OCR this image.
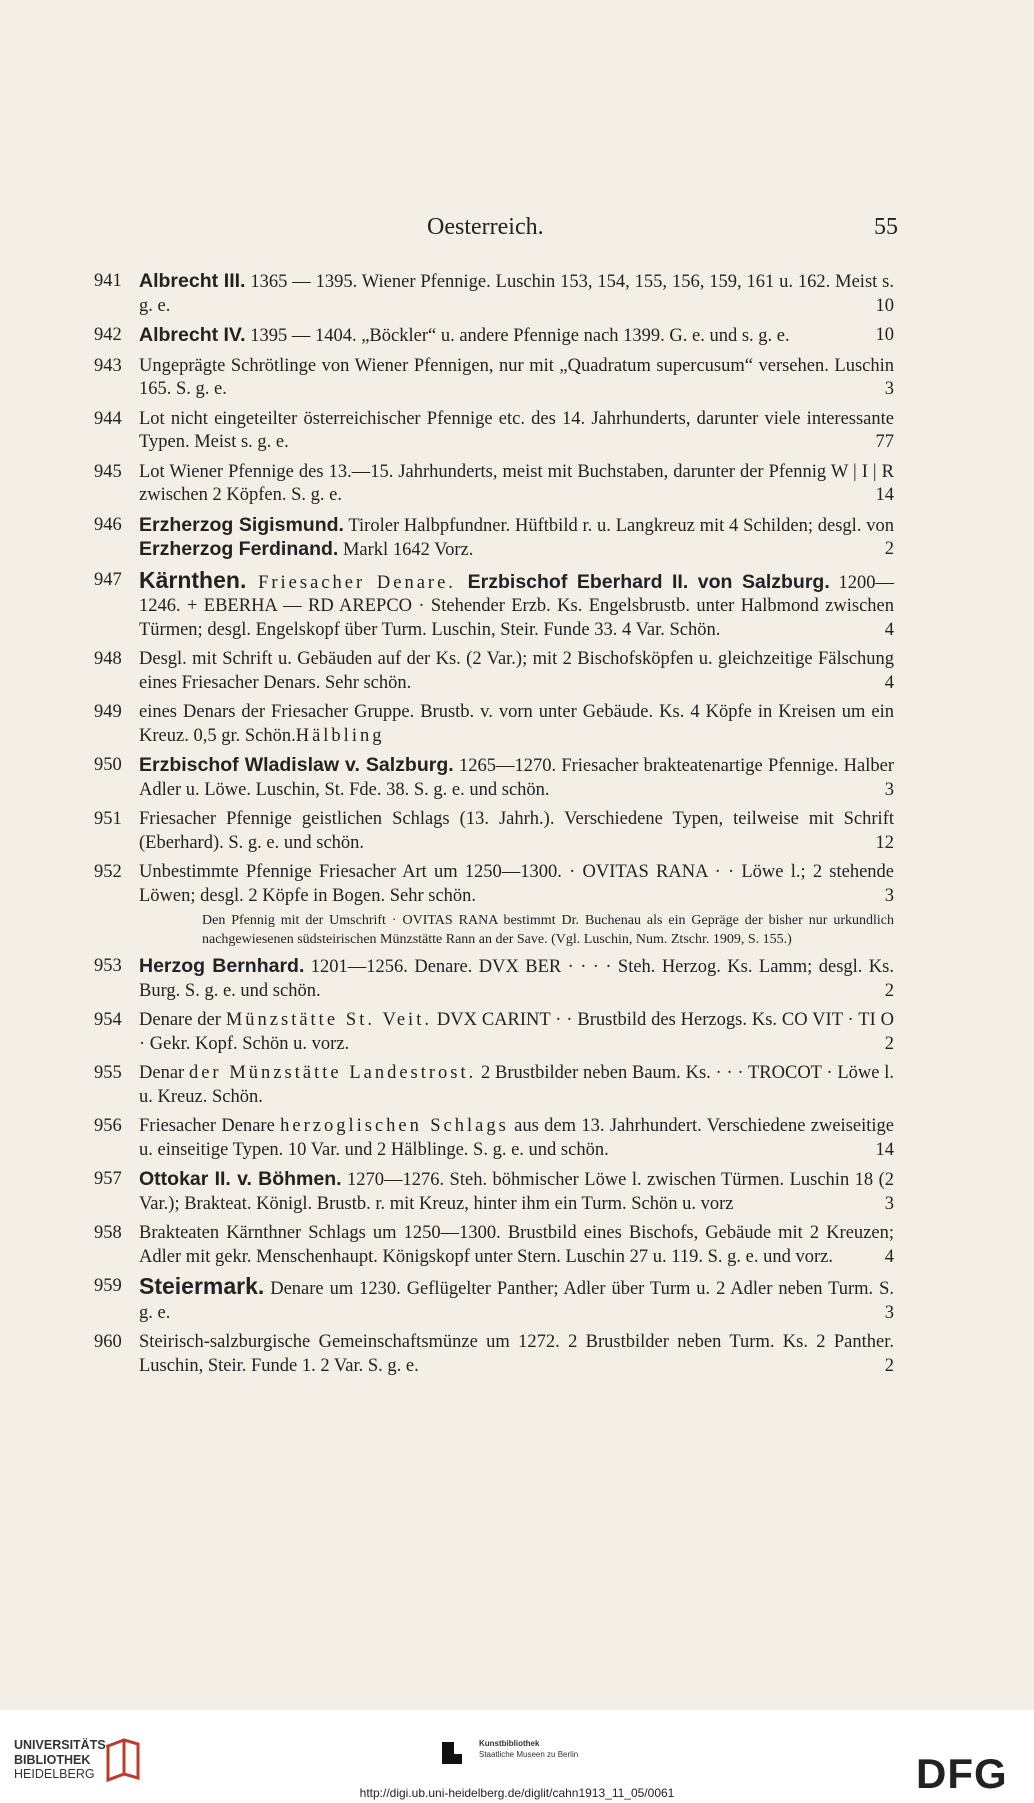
Oesterreich.	55
941 Albrecht III. 1365 — 1395. Wiener Pfennige. Luschin 153, 154, 155, 156, 159, 161 u. 162. Meist s. g. e.	10
942 Albrecht IV. 1395 — 1404. „Böckler“ u. andere Pfennige nach 1399. G. e. und s. g. e.	10
943 Ungeprägte Schrötlinge von Wiener Pfennigen, nur mit „Quadratum supercusum“ versehen. Luschin 165. S. g. e.	3
944 Lot nicht eingeteilter österreichischer Pfennige etc. des 14. Jahrhunderts, darunter viele interessante Typen. Meist s. g. e.	77
945 Lot Wiener Pfennige des 13.—15. Jahrhunderts, meist mit Buchstaben, darunter der Pfennig W | I | R zwischen 2 Köpfen. S. g. e.	14
946 Erzherzog Sigismund. Tiroler Halbpfundner. Hüftbild r. u. Langkreuz mit 4 Schilden; desgl. von Erzherzog Ferdinand. Markl 1642 Vorz.	2
947 Kärnthen. Friesacher Denare. Erzbischof Eberhard II. von Salzburg. 1200—1246. + EBERHA — RD AREPCO · Stehender Erzb. Ks. Engelsbrustb. unter Halbmond zwischen Türmen; desgl. Engelskopf über Turm. Luschin, Steir. Funde 33. 4 Var. Schön.	4
948 Desgl. mit Schrift u. Gebäuden auf der Ks. (2 Var.); mit 2 Bischofsköpfen u. gleichzeitige Fälschung eines Friesacher Denars. Sehr schön.	4
949 eines Denars der Friesacher Gruppe. Brustb. v. vorn unter Gebäude. Ks. 4 Köpfe in Kreisen um ein Kreuz. 0,5 gr. Schön.Hälbling
950 Erzbischof Wladislaw v. Salzburg. 1265—1270. Friesacher brakteatenartige Pfennige. Halber Adler u. Löwe. Luschin, St. Fde. 38. S. g. e. und schön.	3
951 Friesacher Pfennige geistlichen Schlags (13. Jahrh.). Verschiedene Typen, teilweise mit Schrift (Eberhard). S. g. e. und schön.	12
952 Unbestimmte Pfennige Friesacher Art um 1250—1300. · OVITAS RANA · · Löwe l.; 2 stehende Löwen; desgl. 2 Köpfe in Bogen. Sehr schön.	3
Den Pfennig mit der Umschrift · OVITAS RANA bestimmt Dr. Buchenau als ein Gepräge der bisher nur urkundlich nachgewiesenen südsteirischen Münzstätte Rann an der Save. (Vgl. Luschin, Num. Ztschr. 1909, S. 155.)
953 Herzog Bernhard. 1201—1256. Denare. DVX BER · · · · Steh. Herzog. Ks. Lamm; desgl. Ks. Burg. S. g. e. und schön.	2
954 Denare der Münzstätte St. Veit. DVX CARINT · · Brustbild des Herzogs. Ks. CO VIT · TI O · Gekr. Kopf. Schön u. vorz.	2
955 Denar der Münzstätte Landestrost. 2 Brustbilder neben Baum. Ks. · · · TROCOT · Löwe l. u. Kreuz. Schön.
956 Friesacher Denare herzoglischen Schlags aus dem 13. Jahrhundert. Verschiedene zweiseitige u. einseitige Typen. 10 Var. und 2 Hälblinge. S. g. e. und schön.	14
957 Ottokar II. v. Böhmen. 1270—1276. Steh. böhmischer Löwe l. zwischen Türmen. Luschin 18 (2 Var.); Brakteat. Königl. Brustb. r. mit Kreuz, hinter ihm ein Turm. Schön u. vorz	3
958 Brakteaten Kärnthner Schlags um 1250—1300. Brustbild eines Bischofs, Gebäude mit 2 Kreuzen; Adler mit gekr. Menschenhaupt. Königskopf unter Stern. Luschin 27 u. 119. S. g. e. und vorz.	4
959 Steiermark. Denare um 1230. Geflügelter Panther; Adler über Turm u. 2 Adler neben Turm. S. g. e.	3
960 Steirisch-salzburgische Gemeinschaftsmünze um 1272. 2 Brustbilder neben Turm. Ks. 2 Panther. Luschin, Steir. Funde 1. 2 Var. S. g. e.	2
UNIVERSITÄTS-
BIBLIOTHEK
HEIDELBERG
Kunstbibliothek
Staatliche Museen zu Berlin	DFG
http://digi.ub.uni-heidelberg.de/diglit/cahn1913_11_05/0061
